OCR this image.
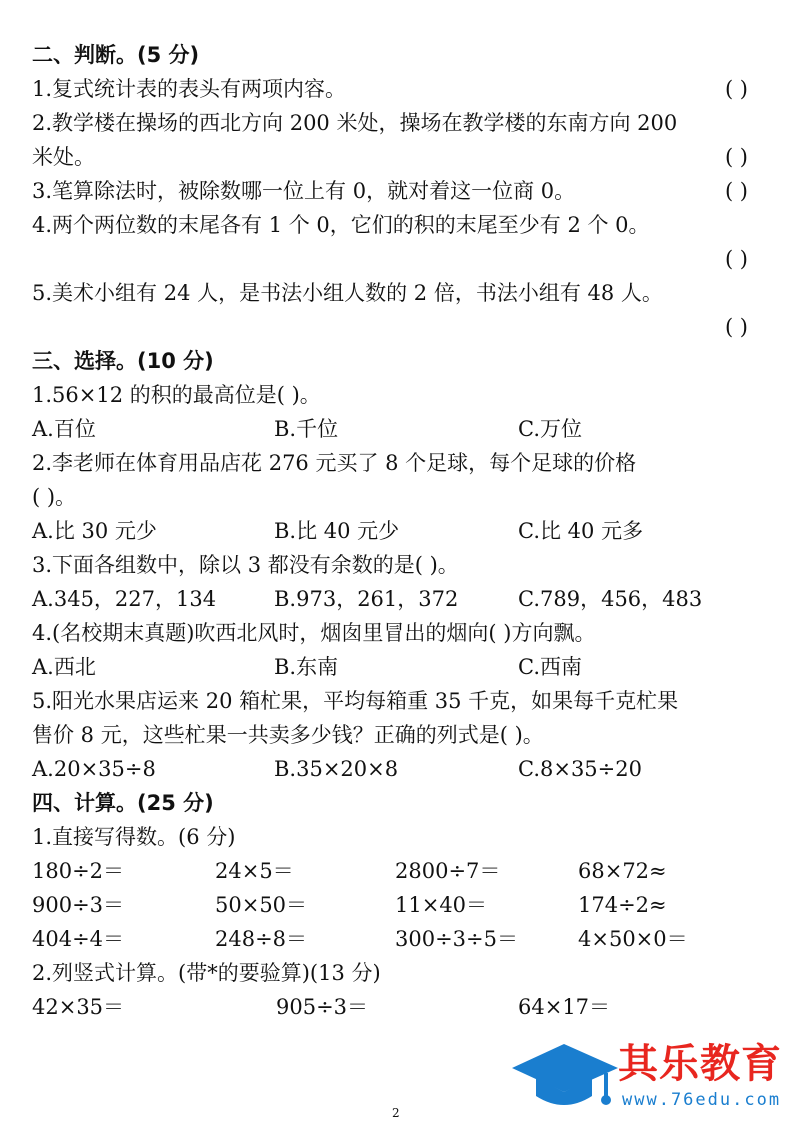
二、判断。(5 分)
1.复式统计表的表头有两项内容。	( )
2.教学楼在操场的西北方向 200 米处，操场在教学楼的东南方向 200
米处。	( )
3.笔算除法时，被除数哪一位上有 0，就对着这一位商 0。	( )
4.两个两位数的末尾各有 1 个 0，它们的积的末尾至少有 2 个 0。
( )
5.美术小组有 24 人，是书法小组人数的 2 倍，书法小组有 48 人。
( )
三、选择。(10 分)
1.56×12 的积的最高位是( )。
A.百位	B.千位	C.万位
2.李老师在体育用品店花 276 元买了 8 个足球，每个足球的价格
( )。
A.比 30 元少	B.比 40 元少	C.比 40 元多
3.下面各组数中，除以 3 都没有余数的是( )。
A.345，227，134	B.973，261，372	C.789，456，483
4.(名校期末真题)吹西北风时，烟囱里冒出的烟向( )方向飘。
A.西北	B.东南	C.西南
5.阳光水果店运来 20 箱杧果，平均每箱重 35 千克，如果每千克杧果
售价 8 元，这些杧果一共卖多少钱？正确的列式是( )。
A.20×35÷8	B.35×20×8	C.8×35÷20
四、计算。(25 分)
1.直接写得数。(6 分)
180÷2＝	24×5＝	2800÷7＝	68×72≈
900÷3＝	50×50＝	11×40＝	174÷2≈
404÷4＝	248÷8＝	300÷3÷5＝	4×50×0＝
2.列竖式计算。(带*的要验算)(13 分)
42×35＝	905÷3＝	64×17＝
其乐教育
www.76edu.com
2
